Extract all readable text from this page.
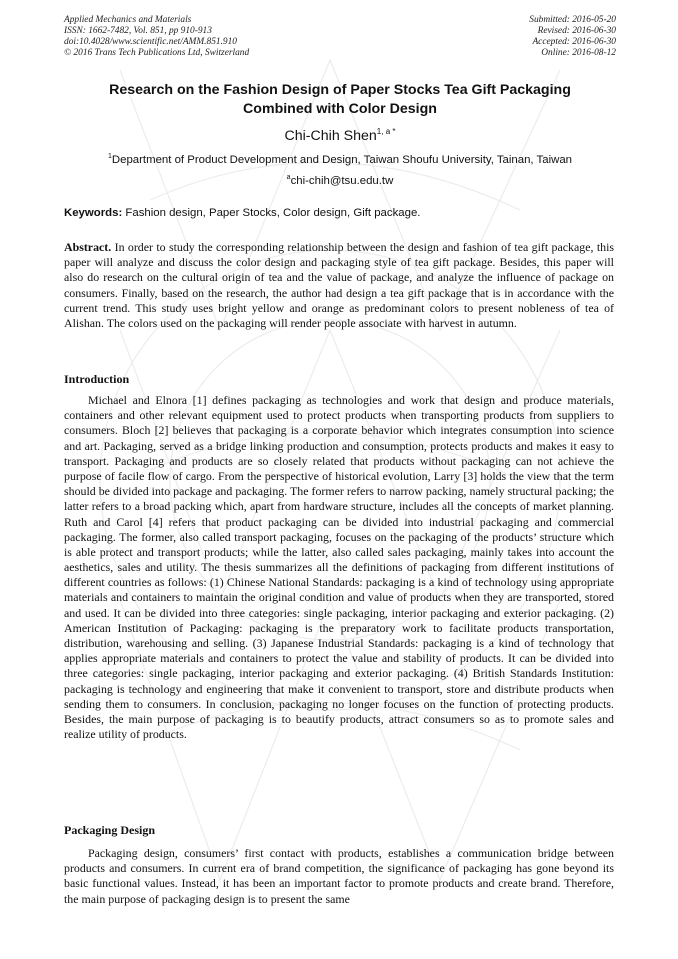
Applied Mechanics and Materials
ISSN: 1662-7482, Vol. 851, pp 910-913
doi:10.4028/www.scientific.net/AMM.851.910
© 2016 Trans Tech Publications Ltd, Switzerland
Submitted: 2016-05-20
Revised: 2016-06-30
Accepted: 2016-06-30
Online: 2016-08-12
Research on the Fashion Design of Paper Stocks Tea Gift Packaging
Combined with Color Design
Chi-Chih Shen$^{1, a *}$
$^1$Department of Product Development and Design, Taiwan Shoufu University, Tainan, Taiwan
$^a$chi-chih@tsu.edu.tw
Keywords: Fashion design, Paper Stocks, Color design, Gift package.

Abstract. In order to study the corresponding relationship between the design and fashion of tea gift package, this paper will analyze and discuss the color design and packaging style of tea gift package. Besides, this paper will also do research on the cultural origin of tea and the value of package, and analyze the influence of package on consumers. Finally, based on the research, the author had design a tea gift package that is in accordance with the current trend. This study uses bright yellow and orange as predominant colors to present nobleness of tea of Alishan. The colors used on the packaging will render people associate with harvest in autumn.

Introduction

Michael and Elnora [1] defines packaging as technologies and work that design and produce materials, containers and other relevant equipment used to protect products when transporting products from suppliers to consumers. Bloch [2] believes that packaging is a corporate behavior which integrates consumption into science and art. Packaging, served as a bridge linking production and consumption, protects products and makes it easy to transport. Packaging and products are so closely related that products without packaging can not achieve the purpose of facile flow of cargo. From the perspective of historical evolution, Larry [3] holds the view that the term should be divided into package and packaging. The former refers to narrow packing, namely structural packing; the latter refers to a broad packing which, apart from hardware structure, includes all the concepts of market planning. Ruth and Carol [4] refers that product packaging can be divided into industrial packaging and commercial packaging. The former, also called transport packaging, focuses on the packaging of the products’ structure which is able protect and transport products; while the latter, also called sales packaging, mainly takes into account the aesthetics, sales and utility. The thesis summarizes all the definitions of packaging from different institutions of different countries as follows: (1) Chinese National Standards: packaging is a kind of technology using appropriate materials and containers to maintain the original condition and value of products when they are transported, stored and used. It can be divided into three categories: single packaging, interior packaging and exterior packaging. (2) American Institution of Packaging: packaging is the preparatory work to facilitate products transportation, distribution, warehousing and selling. (3) Japanese Industrial Standards: packaging is a kind of technology that applies appropriate materials and containers to protect the value and stability of products. It can be divided into three categories: single packaging, interior packaging and exterior packaging. (4) British Standards Institution: packaging is technology and engineering that make it convenient to transport, store and distribute products when sending them to consumers. In conclusion, packaging no longer focuses on the function of protecting products. Besides, the main purpose of packaging is to beautify products, attract consumers so as to promote sales and realize utility of products.

Packaging Design

Packaging design, consumers’ first contact with products, establishes a communication bridge between products and consumers. In current era of brand competition, the significance of packaging has gone beyond its basic functional values. Instead, it has been an important factor to promote products and create brand. Therefore, the main purpose of packaging design is to present the same
